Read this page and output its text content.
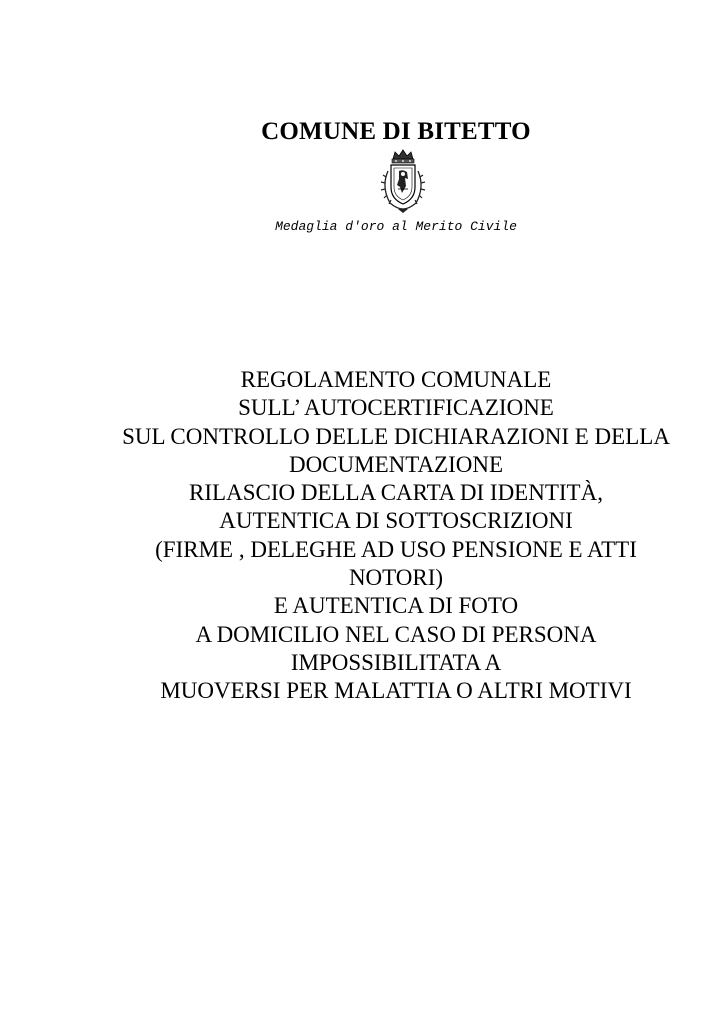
COMUNE DI BITETTO
Medaglia d'oro al Merito Civile
REGOLAMENTO COMUNALE
SULL’ AUTOCERTIFICAZIONE
SUL CONTROLLO DELLE DICHIARAZIONI E DELLA
DOCUMENTAZIONE
RILASCIO DELLA CARTA DI IDENTITÀ,
AUTENTICA DI SOTTOSCRIZIONI
(FIRME , DELEGHE AD USO PENSIONE E ATTI
NOTORI)
E AUTENTICA DI FOTO
A DOMICILIO NEL CASO DI PERSONA
IMPOSSIBILITATA A
MUOVERSI PER MALATTIA O ALTRI MOTIVI
